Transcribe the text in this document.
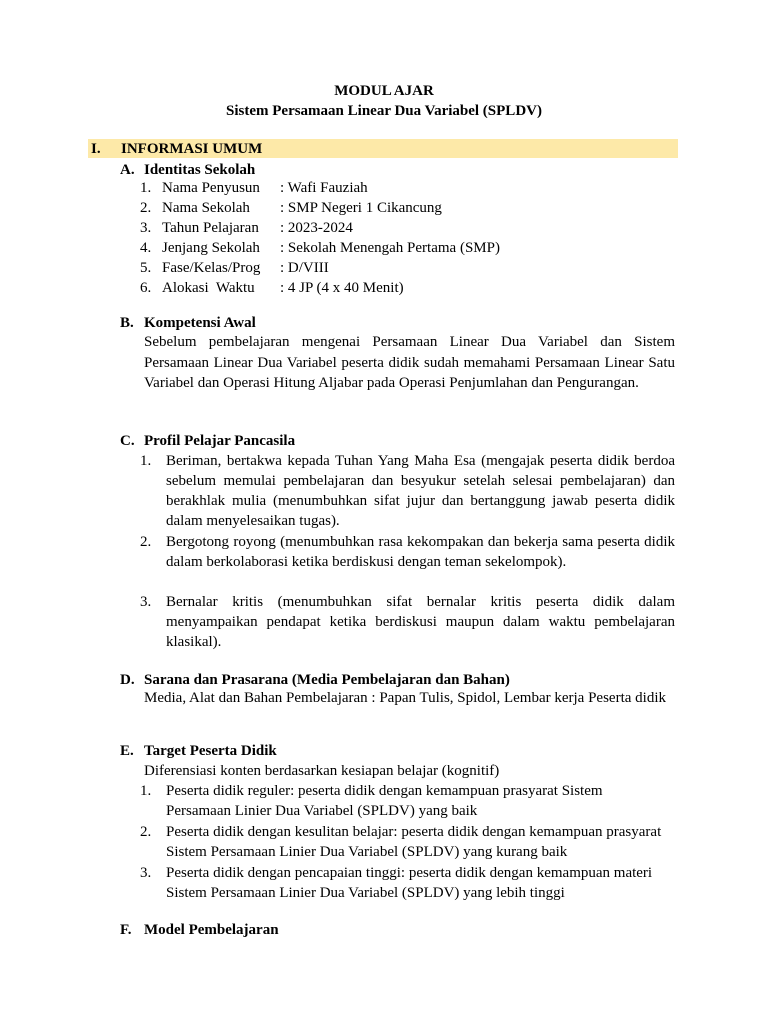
MODUL AJAR
Sistem Persamaan Linear Dua Variabel (SPLDV)
I. INFORMASI UMUM
A. Identitas Sekolah
1. Nama Penyusun : Wafi Fauziah
2. Nama Sekolah : SMP Negeri 1 Cikancung
3. Tahun Pelajaran : 2023-2024
4. Jenjang Sekolah : Sekolah Menengah Pertama (SMP)
5. Fase/Kelas/Prog : D/VIII
6. Alokasi  Waktu : 4 JP (4 x 40 Menit)
B. Kompetensi Awal
Sebelum pembelajaran mengenai Persamaan Linear Dua Variabel dan Sistem Persamaan Linear Dua Variabel peserta didik sudah memahami Persamaan Linear Satu Variabel dan Operasi Hitung Aljabar pada Operasi Penjumlahan dan Pengurangan.
C. Profil Pelajar Pancasila
1. Beriman, bertakwa kepada Tuhan Yang Maha Esa (mengajak peserta didik berdoa sebelum memulai pembelajaran dan besyukur setelah selesai pembelajaran) dan berakhlak mulia (menumbuhkan sifat jujur dan bertanggung jawab peserta didik dalam menyelesaikan tugas).
2. Bergotong royong (menumbuhkan rasa kekompakan dan bekerja sama peserta didik dalam berkolaborasi ketika berdiskusi dengan teman sekelompok).
3. Bernalar kritis (menumbuhkan sifat bernalar kritis peserta didik dalam menyampaikan pendapat ketika berdiskusi maupun dalam waktu pembelajaran klasikal).
D. Sarana dan Prasarana (Media Pembelajaran dan Bahan)
Media, Alat dan Bahan Pembelajaran : Papan Tulis, Spidol, Lembar kerja Peserta didik
E. Target Peserta Didik
Diferensiasi konten berdasarkan kesiapan belajar (kognitif)
1. Peserta didik reguler: peserta didik dengan kemampuan prasyarat Sistem Persamaan Linier Dua Variabel (SPLDV) yang baik
2. Peserta didik dengan kesulitan belajar: peserta didik dengan kemampuan prasyarat Sistem Persamaan Linier Dua Variabel (SPLDV) yang kurang baik
3. Peserta didik dengan pencapaian tinggi: peserta didik dengan kemampuan materi Sistem Persamaan Linier Dua Variabel (SPLDV) yang lebih tinggi
F. Model Pembelajaran
